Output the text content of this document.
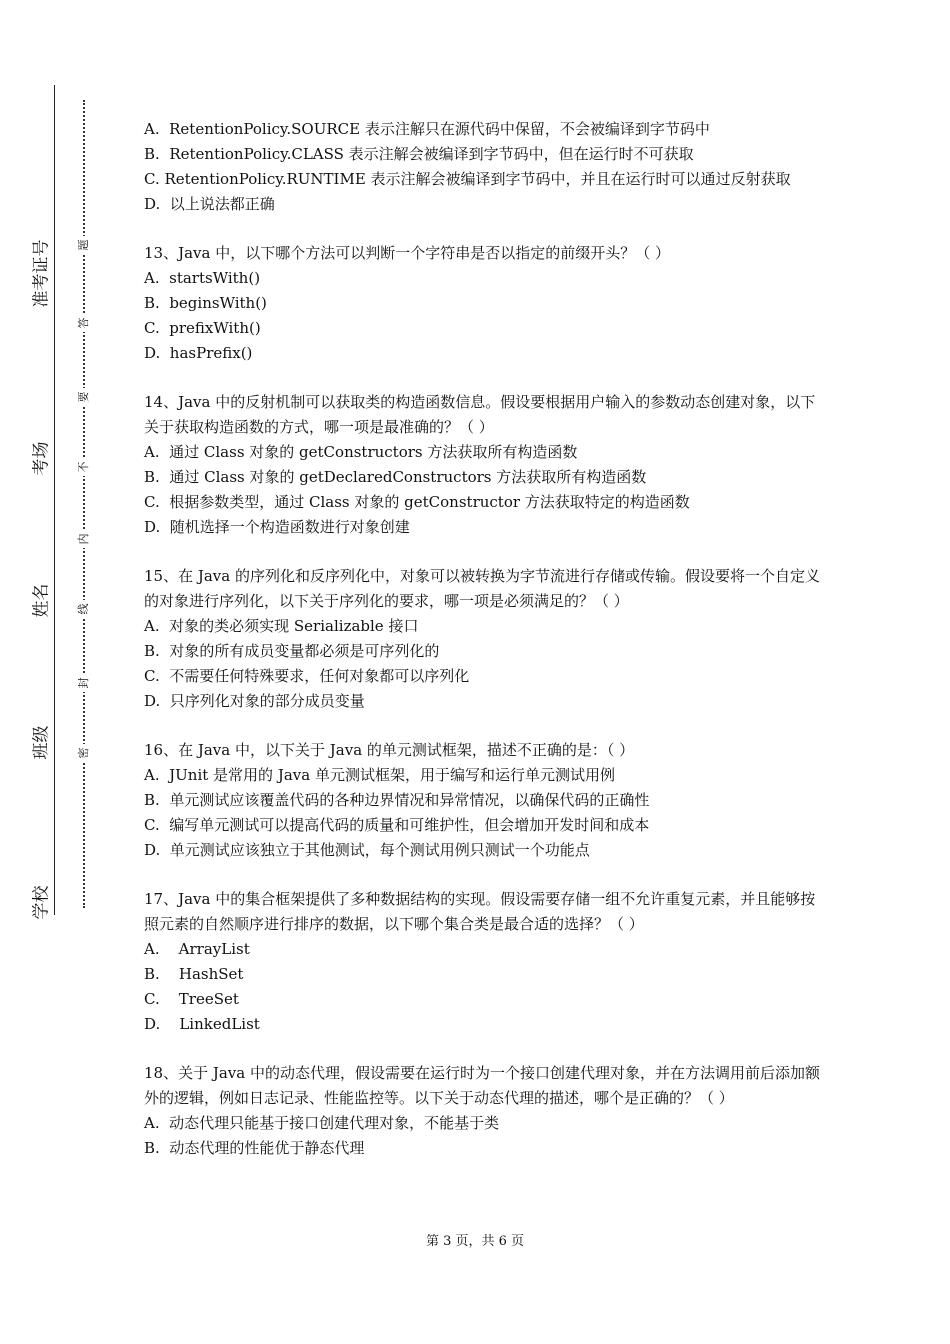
准考证号
考场
姓名
班级
学校
题
答
要
不
内
线
封
密

A.  RetentionPolicy.SOURCE 表示注解只在源代码中保留，不会被编译到字节码中

B.  RetentionPolicy.CLASS 表示注解会被编译到字节码中，但在运行时不可获取

C. RetentionPolicy.RUNTIME 表示注解会被编译到字节码中，并且在运行时可以通过反射获取

D.  以上说法都正确

13、Java 中，以下哪个方法可以判断一个字符串是否以指定的前缀开头？（ ）

A.  startsWith()

B.  beginsWith()

C.  prefixWith()

D.  hasPrefix()

14、Java 中的反射机制可以获取类的构造函数信息。假设要根据用户输入的参数动态创建对象，以下关于获取构造函数的方式，哪一项是最准确的？（ ）

A.  通过 Class 对象的 getConstructors 方法获取所有构造函数

B.  通过 Class 对象的 getDeclaredConstructors 方法获取所有构造函数

C.  根据参数类型，通过 Class 对象的 getConstructor 方法获取特定的构造函数

D.  随机选择一个构造函数进行对象创建

15、在 Java 的序列化和反序列化中，对象可以被转换为字节流进行存储或传输。假设要将一个自定义的对象进行序列化，以下关于序列化的要求，哪一项是必须满足的？（ ）

A.  对象的类必须实现 Serializable 接口

B.  对象的所有成员变量都必须是可序列化的

C.  不需要任何特殊要求，任何对象都可以序列化

D.  只序列化对象的部分成员变量

16、在 Java 中，以下关于 Java 的单元测试框架，描述不正确的是：（ ）

A.  JUnit 是常用的 Java 单元测试框架，用于编写和运行单元测试用例

B.  单元测试应该覆盖代码的各种边界情况和异常情况，以确保代码的正确性

C.  编写单元测试可以提高代码的质量和可维护性，但会增加开发时间和成本

D.  单元测试应该独立于其他测试，每个测试用例只测试一个功能点

17、Java 中的集合框架提供了多种数据结构的实现。假设需要存储一组不允许重复元素，并且能够按照元素的自然顺序进行排序的数据，以下哪个集合类是最合适的选择？（ ）

A.    ArrayList

B.    HashSet

C.    TreeSet

D.    LinkedList

18、关于 Java 中的动态代理，假设需要在运行时为一个接口创建代理对象，并在方法调用前后添加额外的逻辑，例如日志记录、性能监控等。以下关于动态代理的描述，哪个是正确的？（ ）

A.  动态代理只能基于接口创建代理对象，不能基于类

B.  动态代理的性能优于静态代理

第 3 页，共 6 页
